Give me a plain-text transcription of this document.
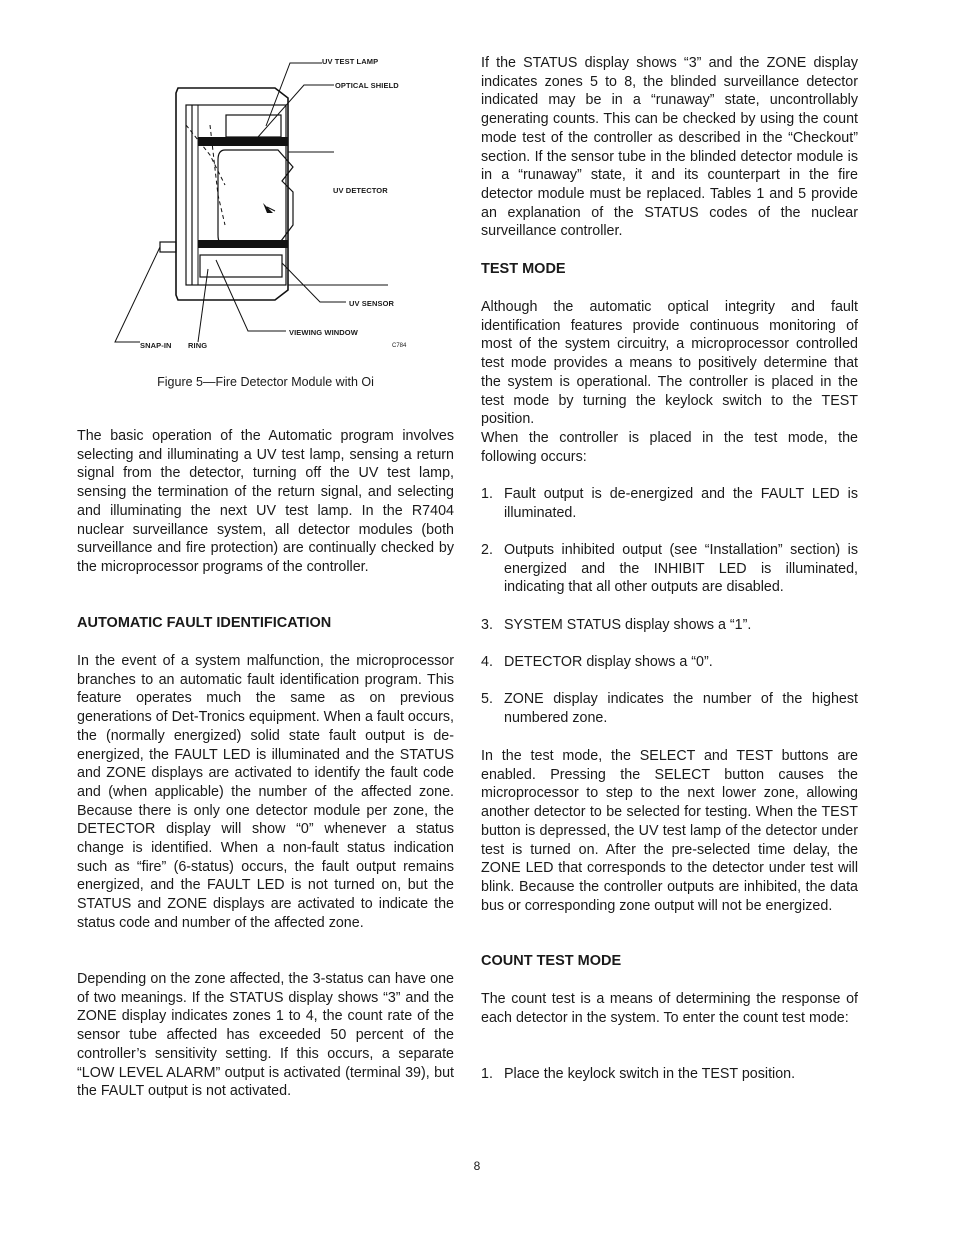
UV TEST LAMP
OPTICAL SHIELD
UV DETECTOR
UV SENSOR
VIEWING WINDOW
SNAP-IN RING	C784
Figure 5—Fire Detector Module with Oi

The basic operation of the Automatic program involves selecting and illuminating a UV test lamp, sensing a return signal from the detector, turning off the UV test lamp, sensing the termination of the return signal, and selecting and illuminating the next UV test lamp. In the R7404 nuclear surveillance system, all detector modules (both surveillance and fire protection) are continually checked by the microprocessor programs of the controller.

AUTOMATIC FAULT IDENTIFICATION

In the event of a system malfunction, the microprocessor branches to an automatic fault identification program. This feature operates much the same as on previous generations of Det-Tronics equipment. When a fault occurs, the (normally energized) solid state fault output is de-energized, the FAULT LED is illuminated and the STATUS and ZONE displays are activated to identify the fault code and (when applicable) the number of the affected zone. Because there is only one detector module per zone, the DETECTOR display will show “0” whenever a status change is identified. When a non-fault status indication such as “fire” (6-status) occurs, the fault output remains energized, and the FAULT LED is not turned on, but the STATUS and ZONE displays are activated to indicate the status code and number of the affected zone.

Depending on the zone affected, the 3-status can have one of two meanings. If the STATUS display shows “3” and the ZONE display indicates zones 1 to 4, the count rate of the sensor tube affected has exceeded 50 percent of the controller’s sensitivity setting. If this occurs, a separate “LOW LEVEL ALARM” output is activated (terminal 39), but the FAULT output is not activated.

If the STATUS display shows “3” and the ZONE display indicates zones 5 to 8, the blinded surveillance detector indicated may be in a “runaway” state, uncontrollably generating counts. This can be checked by using the count mode test of the controller as described in the “Checkout” section. If the sensor tube in the blinded detector module is in a “runaway” state, it and its counterpart in the fire detector module must be replaced. Tables 1 and 5 provide an explanation of the STATUS codes of the nuclear surveillance controller.

TEST MODE

Although the automatic optical integrity and fault identification features provide continuous monitoring of most of the system circuitry, a microprocessor controlled test mode provides a means to positively determine that the system is operational. The controller is placed in the test mode by turning the keylock switch to the TEST position.

When the controller is placed in the test mode, the following occurs:

1. Fault output is de-energized and the FAULT LED is illuminated.
2. Outputs inhibited output (see “Installation” section) is energized and the INHIBIT LED is illuminated, indicating that all other outputs are disabled.
3. SYSTEM STATUS display shows a “1”.
4. DETECTOR display shows a “0”.
5. ZONE display indicates the number of the highest numbered zone.

In the test mode, the SELECT and TEST buttons are enabled. Pressing the SELECT button causes the microprocessor to step to the next lower zone, allowing another detector to be selected for testing. When the TEST button is depressed, the UV test lamp of the detector under test is turned on. After the pre-selected time delay, the ZONE LED that corresponds to the detector under test will blink. Because the controller outputs are inhibited, the data bus or corresponding zone output will not be energized.

COUNT TEST MODE

The count test is a means of determining the response of each detector in the system. To enter the count test mode:

1. Place the keylock switch in the TEST position.
8
